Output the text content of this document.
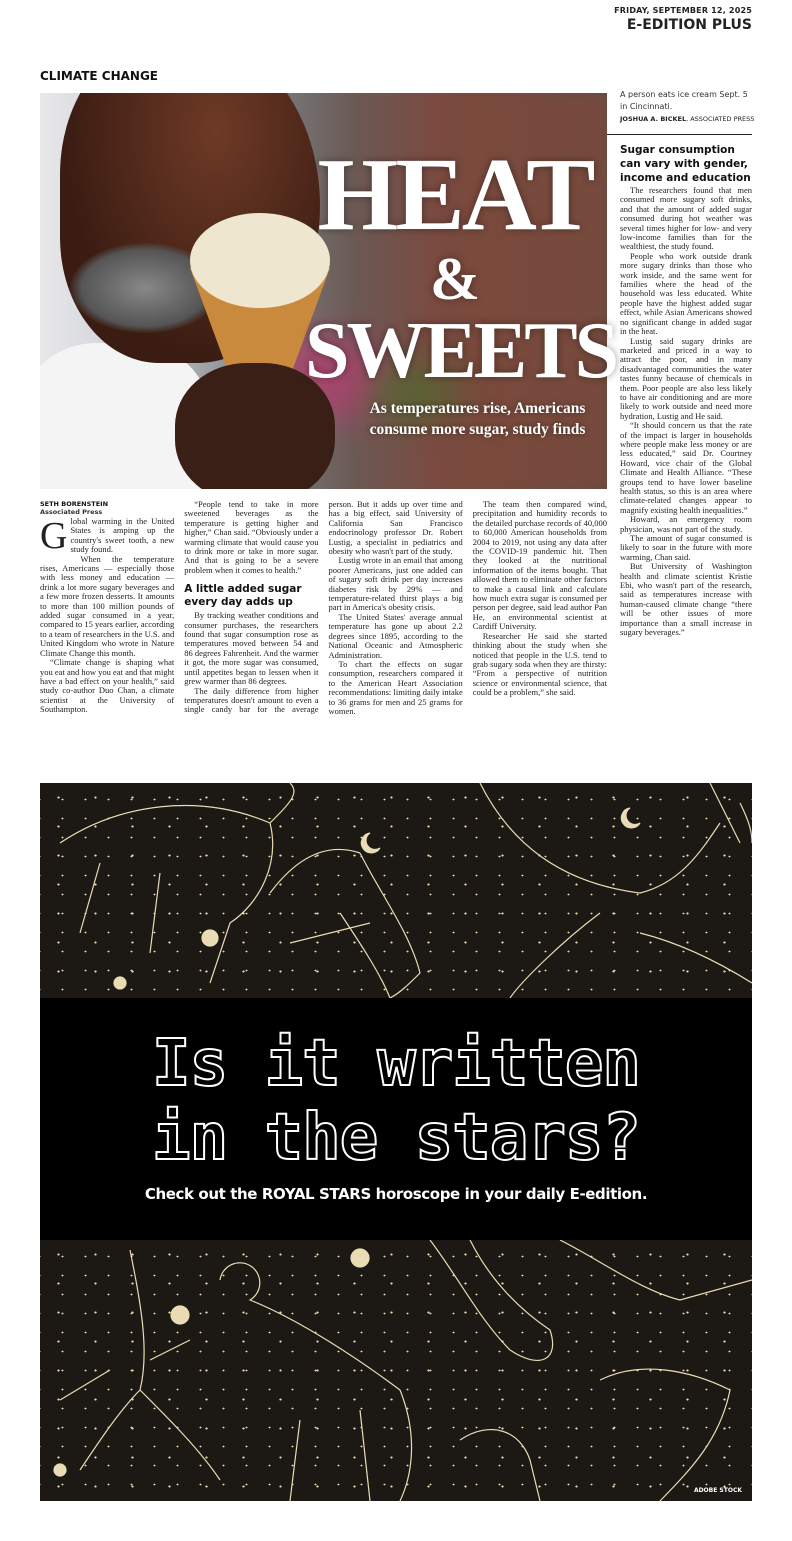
FRIDAY, SEPTEMBER 12, 2025
E-EDITION PLUS
CLIMATE CHANGE
HEAT
&
SWEETS
As temperatures rise, Americans consume more sugar, study finds
A person eats ice cream Sept. 5 in Cincinnati.
JOSHUA A. BICKEL, ASSOCIATED PRESS
Sugar consumption can vary with gender, income and education

The researchers found that men consumed more sugary soft drinks, and that the amount of added sugar consumed during hot weather was several times higher for low- and very low-income families than for the wealthiest, the study found.

People who work outside drank more sugary drinks than those who work inside, and the same went for families where the head of the household was less educated. White people have the highest added sugar effect, while Asian Americans showed no significant change in added sugar in the heat.

Lustig said sugary drinks are marketed and priced in a way to attract the poor, and in many disadvantaged communities the water tastes funny because of chemicals in them. Poor people are also less likely to have air conditioning and are more likely to work outside and need more hydration, Lustig and He said.

“It should concern us that the rate of the impact is larger in households where people make less money or are less educated,” said Dr. Courtney Howard, vice chair of the Global Climate and Health Alliance. “These groups tend to have lower baseline health status, so this is an area where climate-related changes appear to magnify existing health inequalities.”

Howard, an emergency room physician, was not part of the study.

The amount of sugar consumed is likely to soar in the future with more warming, Chan said.

But University of Washington health and climate scientist Kristie Ebi, who wasn't part of the research, said as temperatures increase with human-caused climate change “there will be other issues of more importance than a small increase in sugary beverages.”

SETH BORENSTEIN
Associated Press

Global warming in the United States is amping up the country's sweet tooth, a new study found.

When the temperature rises, Americans — especially those with less money and education — drink a lot more sugary beverages and a few more frozen desserts. It amounts to more than 100 million pounds of added sugar consumed in a year, compared to 15 years earlier, according to a team of researchers in the U.S. and United Kingdom who wrote in Nature Climate Change this month.

“Climate change is shaping what you eat and how you eat and that might have a bad effect on your health,” said study co-author Duo Chan, a climate scientist at the University of Southampton.

“People tend to take in more sweetened beverages as the temperature is getting higher and higher,” Chan said. “Obviously under a warming climate that would cause you to drink more or take in more sugar. And that is going to be a severe problem when it comes to health.”

A little added sugar every day adds up

By tracking weather conditions and consumer purchases, the researchers found that sugar consumption rose as temperatures moved between 54 and 86 degrees Fahrenheit. And the warmer it got, the more sugar was consumed, until appetites began to lessen when it grew warmer than 86 degrees.

The daily difference from higher temperatures doesn't amount to even a single candy bar for the average person. But it adds up over time and has a big effect, said University of California San Francisco endocrinology professor Dr. Robert Lustig, a specialist in pediatrics and obesity who wasn't part of the study.

Lustig wrote in an email that among poorer Americans, just one added can of sugary soft drink per day increases diabetes risk by 29% — and temperature-related thirst plays a big part in America's obesity crisis.

The United States' average annual temperature has gone up about 2.2 degrees since 1895, according to the National Oceanic and Atmospheric Administration.

To chart the effects on sugar consumption, researchers compared it to the American Heart Association recommendations: limiting daily intake to 36 grams for men and 25 grams for women.

The team then compared wind, precipitation and humidity records to the detailed purchase records of 40,000 to 60,000 American households from 2004 to 2019, not using any data after the COVID-19 pandemic hit. Then they looked at the nutritional information of the items bought. That allowed them to eliminate other factors to make a causal link and calculate how much extra sugar is consumed per person per degree, said lead author Pan He, an environmental scientist at Cardiff University.

Researcher He said she started thinking about the study when she noticed that people in the U.S. tend to grab sugary soda when they are thirsty: “From a perspective of nutrition science or environmental science, that could be a problem,” she said.

Is it written
in the stars?
Check out the ROYAL STARS horoscope in your daily E-edition.
ADOBE STOCK
